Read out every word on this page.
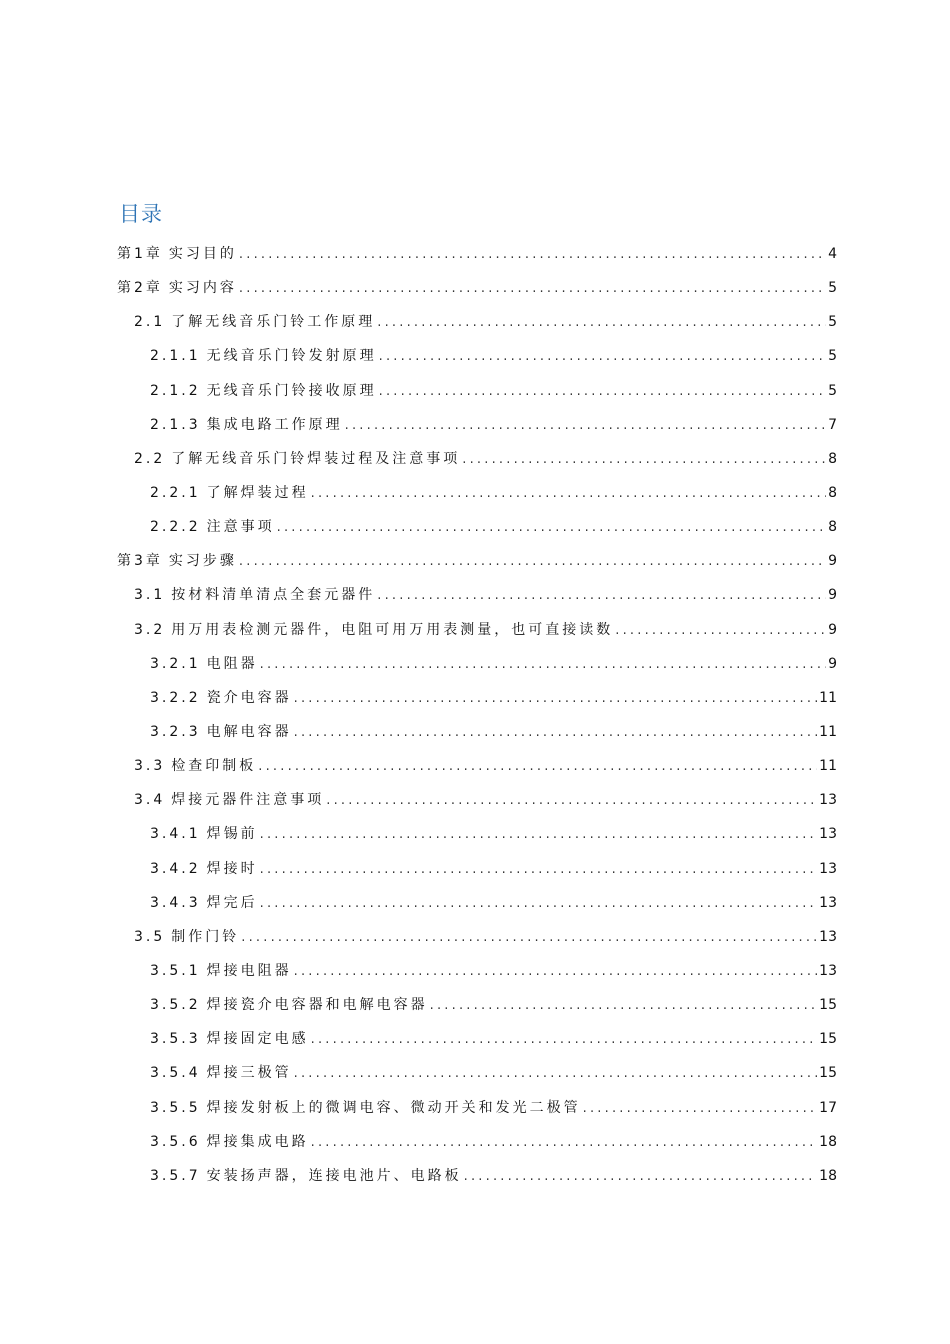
目录
第1章 实习目的 .....	4
第2章 实习内容 .....	5
2.1 了解无线音乐门铃工作原理 .....	5
2.1.1 无线音乐门铃发射原理 .....	5
2.1.2 无线音乐门铃接收原理 .....	5
2.1.3 集成电路工作原理 .....	7
2.2 了解无线音乐门铃焊装过程及注意事项 .....	8
2.2.1 了解焊装过程 .....	8
2.2.2 注意事项 .....	8
第3章 实习步骤 .....	9
3.1 按材料清单清点全套元器件 .....	9
3.2 用万用表检测元器件，电阻可用万用表测量，也可直接读数 .....	9
3.2.1 电阻器 .....	9
3.2.2 瓷介电容器 .....	11
3.2.3 电解电容器 .....	11
3.3 检查印制板 .....	11
3.4 焊接元器件注意事项 .....	13
3.4.1 焊锡前 .....	13
3.4.2 焊接时 .....	13
3.4.3 焊完后 .....	13
3.5 制作门铃 .....	13
3.5.1 焊接电阻器 .....	13
3.5.2 焊接瓷介电容器和电解电容器 .....	15
3.5.3 焊接固定电感 .....	15
3.5.4 焊接三极管 .....	15
3.5.5 焊接发射板上的微调电容、微动开关和发光二极管 .....	17
3.5.6 焊接集成电路 .....	18
3.5.7 安装扬声器，连接电池片、电路板 .....	18
